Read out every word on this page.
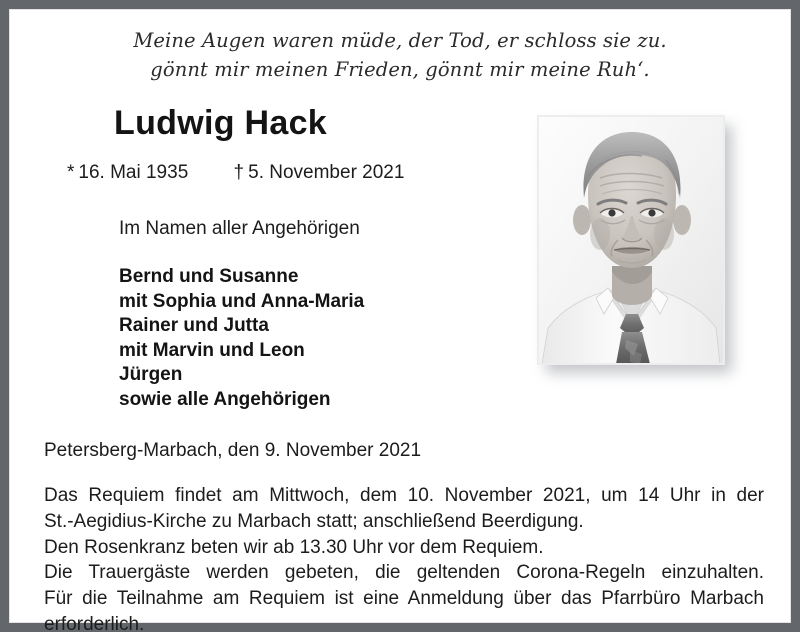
Meine Augen waren müde, der Tod, er schloss sie zu.
gönnt mir meinen Frieden, gönnt mir meine Ruh‘.
Ludwig Hack
* 16. Mai 1935 † 5. November 2021
Im Namen aller Angehörigen
Bernd und Susanne
mit Sophia und Anna-Maria
Rainer und Jutta
mit Marvin und Leon
Jürgen
sowie alle Angehörigen
Petersberg-Marbach, den 9. November 2021
Das Requiem findet am Mittwoch, dem 10. November 2021, um 14 Uhr in der
St.-Aegidius-Kirche zu Marbach statt; anschließend Beerdigung.
Den Rosenkranz beten wir ab 13.30 Uhr vor dem Requiem.
Die Trauergäste werden gebeten, die geltenden Corona-Regeln einzuhalten.
Für die Teilnahme am Requiem ist eine Anmeldung über das Pfarrbüro Marbach
erforderlich.
